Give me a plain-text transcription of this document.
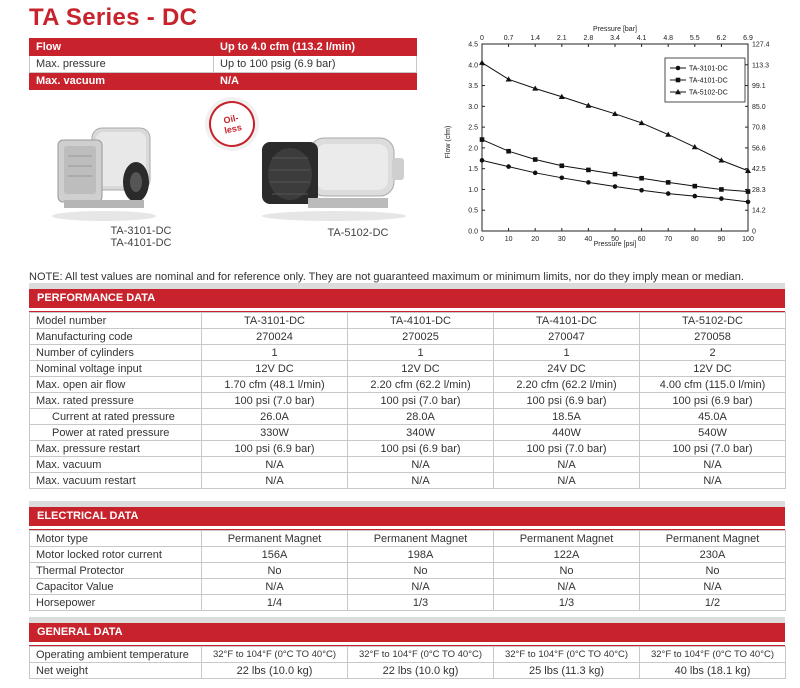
TA Series - DC
Flow	Up to 4.0 cfm (113.2 l/min)
Max. pressure	Up to 100 psig (6.9 bar)
Max. vacuum	N/A
TA-3101-DC
TA-4101-DC
Oil-
less
TA-5102-DC
Pressure [bar]
Pressure [psi]
Flow (cfm)
0.0
0.5
1.0
1.5
2.0
2.5
3.0
3.5
4.0
4.5
0
14.2
28.3
42.5
56.6
70.8
85.0
99.1
113.3
127.4
0	10	20	30	40	50	60	70	80	90 100
0	0.7 1.4 2.1 2.8 3.4 4.1 4.8 5.5 6.2 6.9
TA-3101-DC
TA-4101-DC
TA-5102-DC
NOTE: All test values are nominal and for reference only. They are not guaranteed maximum or minimum limits, nor do they imply mean or median.
PERFORMANCE DATA
Model number	TA-3101-DC	TA-4101-DC	TA-4101-DC	TA-5102-DC
Manufacturing code	270024	270025	270047	270058
Number of cylinders	1	1	1	2
Nominal voltage input	12V DC	12V DC	24V DC	12V DC
Max. open air flow	1.70 cfm (48.1 l/min)	2.20 cfm (62.2 l/min)	2.20 cfm (62.2 l/min)	4.00 cfm (115.0 l/min)
Max. rated pressure	100 psi (7.0 bar)	100 psi (7.0 bar)	100 psi (6.9 bar)	100 psi (6.9 bar)
Current at rated pressure	26.0A	28.0A	18.5A	45.0A
Power at rated pressure	330W	340W	440W	540W
Max. pressure restart	100 psi (6.9 bar)	100 psi (6.9 bar)	100 psi (7.0 bar)	100 psi (7.0 bar)
Max. vacuum	N/A	N/A	N/A	N/A
Max. vacuum restart	N/A	N/A	N/A	N/A
ELECTRICAL DATA
Motor type	Permanent Magnet	Permanent Magnet	Permanent Magnet	Permanent Magnet
Motor locked rotor current	156A	198A	122A	230A
Thermal Protector	No	No	No	No
Capacitor Value	N/A	N/A	N/A	N/A
Horsepower	1/4	1/3	1/3	1/2
GENERAL DATA
Operating ambient temperature	32°F to 104°F (0°C TO 40°C)	32°F to 104°F (0°C TO 40°C)	32°F to 104°F (0°C TO 40°C)	32°F to 104°F (0°C TO 40°C)
Net weight	22 lbs (10.0 kg)	22 lbs (10.0 kg)	25 lbs (11.3 kg)	40 lbs (18.1 kg)
